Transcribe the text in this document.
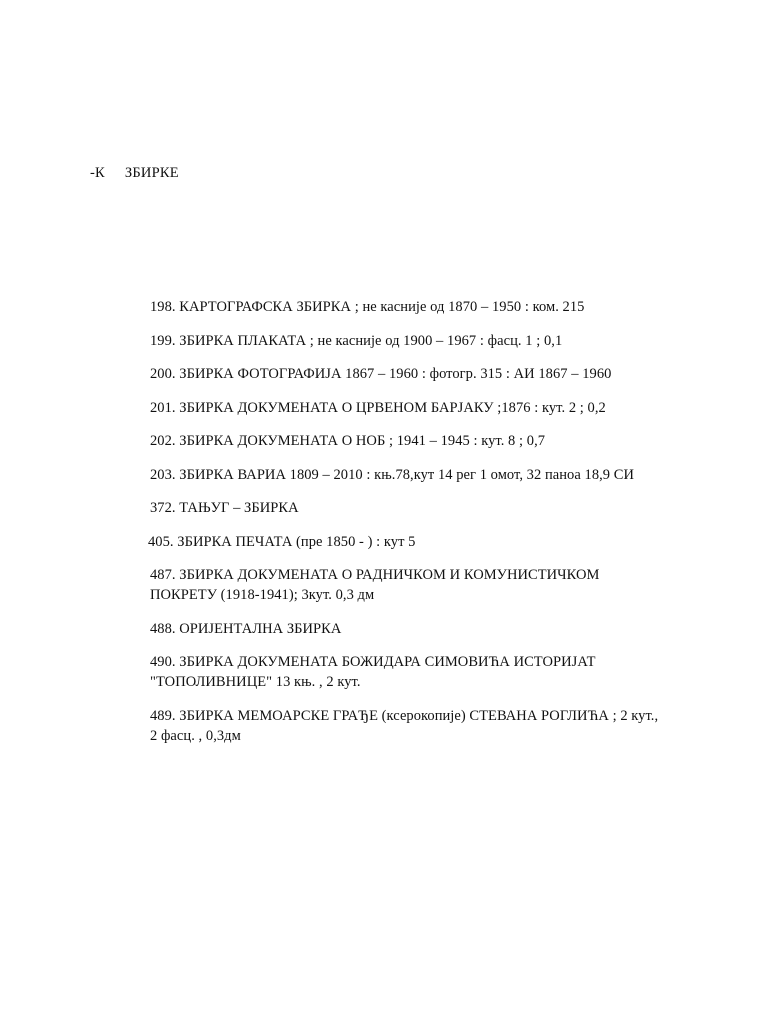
-К ЗБИРКЕ
198. КАРТОГРАФСКА ЗБИРКА ; не касније од 1870 – 1950 : ком. 215
199. ЗБИРКА ПЛАКАТА ; не касније од 1900 – 1967 : фасц. 1 ; 0,1
200. ЗБИРКА ФОТОГРАФИЈА 1867 – 1960 : фотогр. 315 : АИ 1867 – 1960
201. ЗБИРКА ДОКУМЕНАТА О ЦРВЕНОМ БАРЈАКУ ;1876 : кут. 2 ; 0,2
202. ЗБИРКА ДОКУМЕНАТА О НОБ ; 1941 – 1945 : кут. 8 ; 0,7
203. ЗБИРКА ВАРИА 1809 – 2010 : књ.78,кут 14 рег 1 омот, 32 паноа 18,9 СИ
372. ТАЊУГ – ЗБИРКА
405. ЗБИРКА ПЕЧАТА (пре 1850 - ) : кут 5
487. ЗБИРКА ДОКУМЕНАТА О РАДНИЧКОМ И КОМУНИСТИЧКОМ ПОКРЕТУ (1918-1941); 3кут. 0,3 дм
488. ОРИЈЕНТАЛНА ЗБИРКА
490. ЗБИРКА ДОКУМЕНАТА БОЖИДАРА СИМОВИЋА ИСТОРИЈАТ "ТОПОЛИВНИЦЕ" 13 књ. , 2 кут.
489. ЗБИРКА МЕМОАРСКЕ ГРАЂЕ (ксерокопије) СТЕВАНА РОГЛИЋА ; 2 кут., 2 фасц. , 0,3дм
